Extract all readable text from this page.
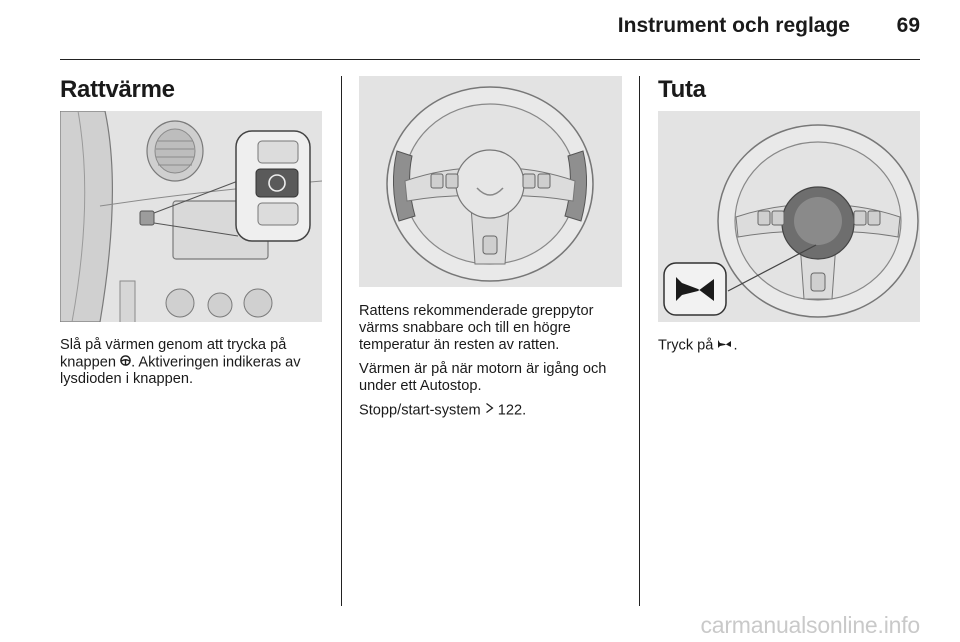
Instrument och reglage	69
Rattvärme

Slå på värmen genom att trycka på knappen . Aktiveringen indikeras av lysdioden i knappen.

Rattens rekommenderade greppytor värms snabbare och till en högre temperatur än resten av ratten.

Värmen är på när motorn är igång och under ett Autostop.

Stopp/start-system  122.

Tuta

Tryck på .

carmanualsonline.info
